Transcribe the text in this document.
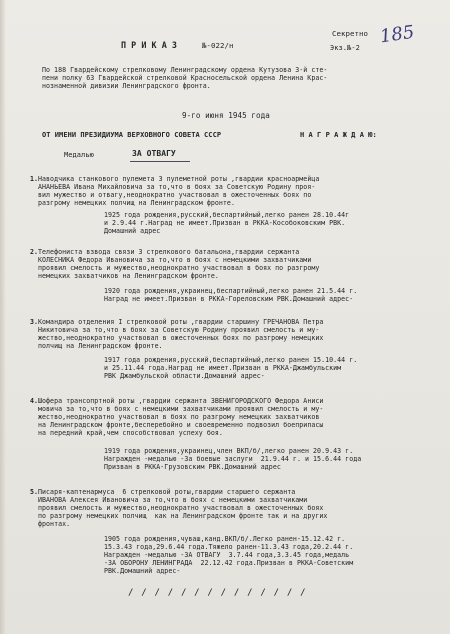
Секретно
Экз.№-2
185
П Р И К А З	№-022/н
По 188 Гвардейскому стрелковому Ленинградскому ордена Кутузова 3-й сте-
пени полку 63 Гвардейской стрелковой Красносельской ордена Ленина Крас-
нознаменной дивизии Ленинградского фронта.
9-го июня 1945 года
ОТ ИМЕНИ ПРЕЗИДИУМА ВЕРХОВНОГО СОВЕТА СССР	Н А Г Р А Ж Д А Ю:
Медалью	ЗА ОТВАГУ
1. Наводчика станкового пулемета 3 пулеметной роты ,гвардии красноармейца
АНАНЬЕВА Ивана Михайловича за то,что в боях за Советскую Родину проя-
вил мужество и отвагу,неоднократно участвовал в ожесточенных боях по
разгрому немецких полчищ на Ленинградском фронте.
1925 года рождения,русский,беспартийный,легко ранен 28.10.44г
и 2.9.44 г.Наград не имеет.Призван в РККА-Кособоковским РВК.
Домашний адрес
2. Телефониста взвода связи 3 стрелкового батальона,гвардии сержанта
КОЛЕСНИКА Федора Ивановича за то,что в боях с немецкими захватчиками
проявил смелость и мужество,неоднократно участвовал в боях по разгрому
немецких захватчиков на Ленинградском фронте.
1920 года рождения,украинец,беспартийный,легко ранен 21.5.44 г.
Наград не имеет.Призван в РККА-Гореловским РВК.Домашний адрес-
3. Командира отделения I стрелковой роты ,гвардии старшину ГРЕЧАНОВА Петра
Никитовича за то,что в боях за Советскую Родину проявил смелость и му-
жество,неоднократно участвовал в ожесточенных боях по разгрому немецких
полчищ на Ленинградском фронте.
1917 года рождения,русский,беспартийный,легко ранен 15.10.44 г.
и 25.11.44 года.Наград не имеет.Призван в РККА-Джамбульским
РВК Джамбульской области.Домашний адрес-
4. Шофера трансопртной роты ,гвардии сержанта ЗВЕНИГОРОДСКОГО Федора Аниси
мовича за то,что в боях с немецкими захватчиками проявил смелость и му-
жество,неоднократно участвовал в боях по разгрому немецких захватчиков
на Ленинградском фронте,бесперебойно и своевременно подвозил боеприпасы
на передний край,чем способствовал успеху боя.
1919 года рождения,украинец,член ВКП/б/,легко ранен 20.9.43 г.
Награжден -медалью -За боевые заслуги  21.9.44 г. и 15.6.44 года
Призван в РККА-Грузовским РВК.Домашний адрес
5. Писаря-каптенармуса  6 стрелковой роты,гвардии старшего сержанта
ИВАНОВА Алексея Ивановича за то,что в боях с немецкими захватчиками
проявил смелость и мужество,неоднократно участвовал в ожесточенных боях
по разгрому немецких полчищ  как на Ленинградском фронте так и на других
фронтах.
1905 года рождения,чуваш,канд.ВКП/б/.Легко ранен-15.12.42 г.
15.3.43 года,29.6.44 года.Тяжело ранен-11.3.43 года,20.2.44 г.
Награжден -медалью -ЗА ОТВАГУ  3.7.44 года,3.3.45 года,медаль
-ЗА ОБОРОНУ ЛЕНИНГРАДА  22.12.42 года.Призван в РККА-Советским
РВК.Домашний адрес-
/ / / / / / / / / / / / / /
